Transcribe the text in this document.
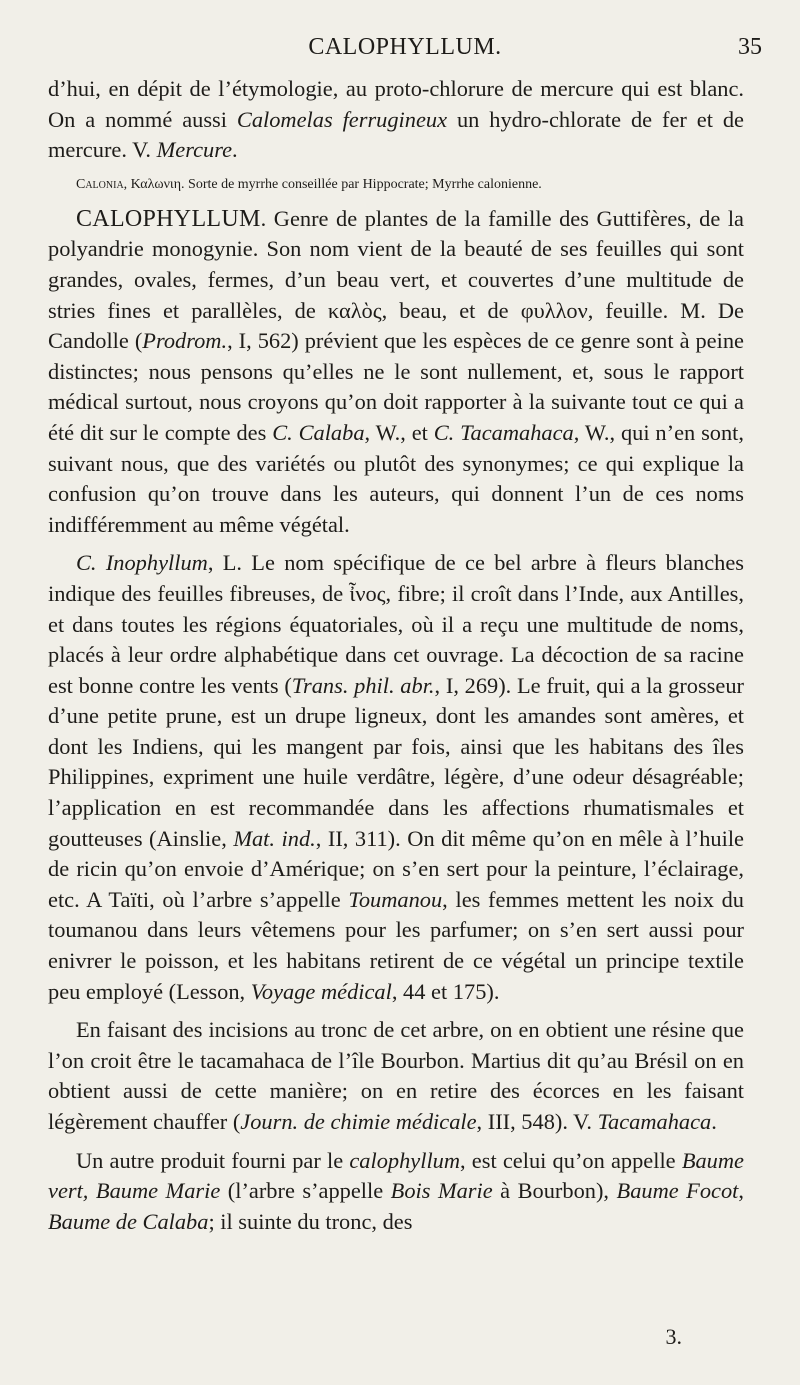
CALOPHYLLUM.	35

d’hui, en dépit de l’étymologie, au proto-chlorure de mercure qui est blanc. On a nommé aussi Calomelas ferrugineux un hydro-chlorate de fer et de mercure. V. Mercure.

Calonia, Καλωνιη. Sorte de myrrhe conseillée par Hippocrate; Myrrhe calonienne.

CALOPHYLLUM. Genre de plantes de la famille des Guttifères, de la polyandrie monogynie. Son nom vient de la beauté de ses feuilles qui sont grandes, ovales, fermes, d’un beau vert, et couvertes d’une multitude de stries fines et parallèles, de καλὸς, beau, et de φυλλον, feuille. M. De Candolle (Prodrom., I, 562) prévient que les espèces de ce genre sont à peine distinctes; nous pensons qu’elles ne le sont nullement, et, sous le rapport médical surtout, nous croyons qu’on doit rapporter à la suivante tout ce qui a été dit sur le compte des C. Calaba, W., et C. Tacamahaca, W., qui n’en sont, suivant nous, que des variétés ou plutôt des synonymes; ce qui explique la confusion qu’on trouve dans les auteurs, qui donnent l’un de ces noms indifféremment au même végétal.

C. Inophyllum, L. Le nom spécifique de ce bel arbre à fleurs blanches indique des feuilles fibreuses, de ἶνος, fibre; il croît dans l’Inde, aux Antilles, et dans toutes les régions équatoriales, où il a reçu une multitude de noms, placés à leur ordre alphabétique dans cet ouvrage. La décoction de sa racine est bonne contre les vents (Trans. phil. abr., I, 269). Le fruit, qui a la grosseur d’une petite prune, est un drupe ligneux, dont les amandes sont amères, et dont les Indiens, qui les mangent par fois, ainsi que les habitans des îles Philippines, expriment une huile verdâtre, légère, d’une odeur désagréable; l’application en est recommandée dans les affections rhumatismales et goutteuses (Ainslie, Mat. ind., II, 311). On dit même qu’on en mêle à l’huile de ricin qu’on envoie d’Amérique; on s’en sert pour la peinture, l’éclairage, etc. A Taïti, où l’arbre s’appelle Toumanou, les femmes mettent les noix du toumanou dans leurs vêtemens pour les parfumer; on s’en sert aussi pour enivrer le poisson, et les habitans retirent de ce végétal un principe textile peu employé (Lesson, Voyage médical, 44 et 175).

En faisant des incisions au tronc de cet arbre, on en obtient une résine que l’on croit être le tacamahaca de l’île Bourbon. Martius dit qu’au Brésil on en obtient aussi de cette manière; on en retire des écorces en les faisant légèrement chauffer (Journ. de chimie médicale, III, 548). V. Tacamahaca.

Un autre produit fourni par le calophyllum, est celui qu’on appelle Baume vert, Baume Marie (l’arbre s’appelle Bois Marie à Bourbon), Baume Focot, Baume de Calaba; il suinte du tronc, des

3.
